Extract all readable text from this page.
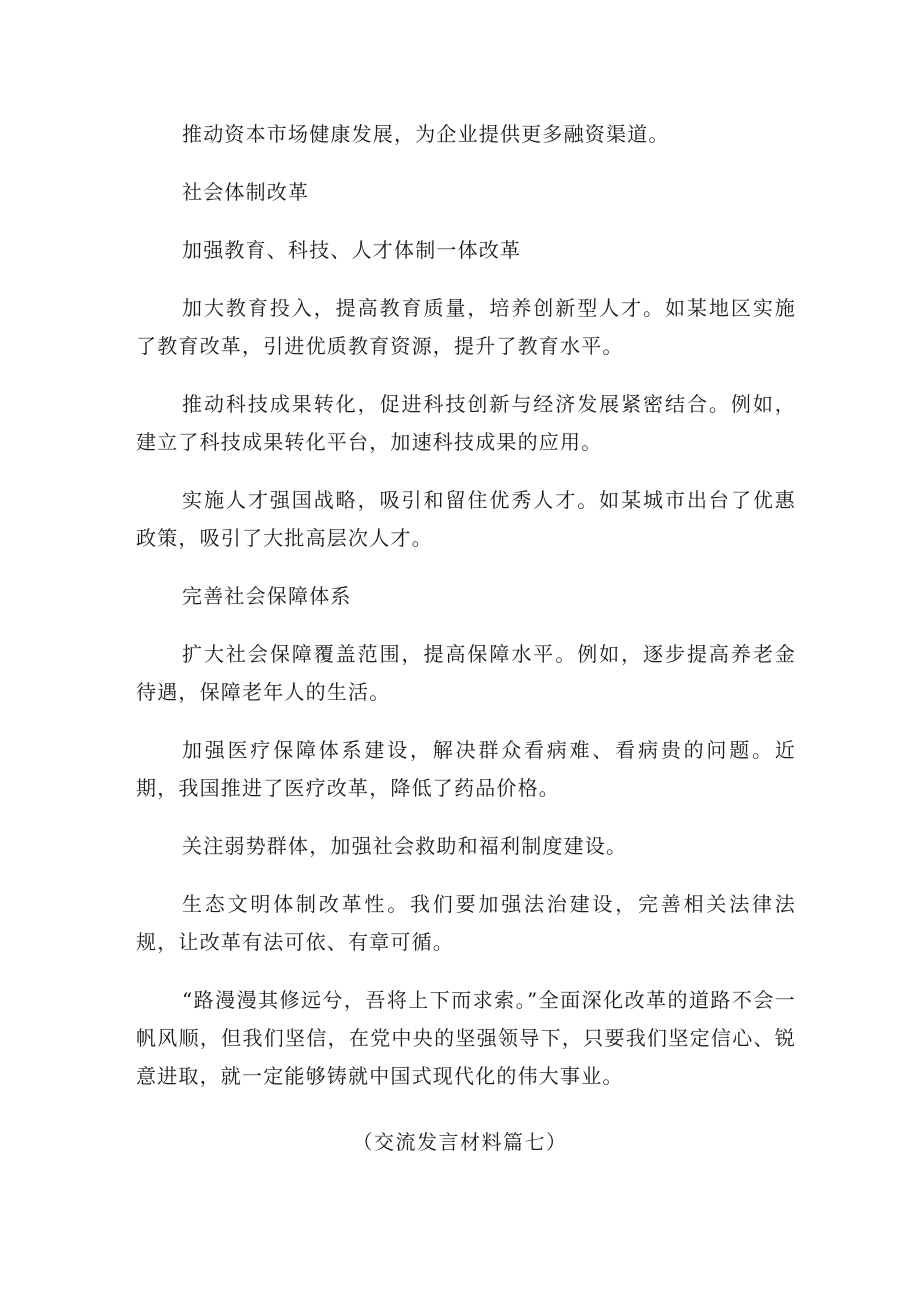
推动资本市场健康发展，为企业提供更多融资渠道。

社会体制改革

加强教育、科技、人才体制一体改革

加大教育投入，提高教育质量，培养创新型人才。如某地区实施了教育改革，引进优质教育资源，提升了教育水平。

推动科技成果转化，促进科技创新与经济发展紧密结合。例如，建立了科技成果转化平台，加速科技成果的应用。

实施人才强国战略，吸引和留住优秀人才。如某城市出台了优惠政策，吸引了大批高层次人才。

完善社会保障体系

扩大社会保障覆盖范围，提高保障水平。例如，逐步提高养老金待遇，保障老年人的生活。

加强医疗保障体系建设，解决群众看病难、看病贵的问题。近期，我国推进了医疗改革，降低了药品价格。

关注弱势群体，加强社会救助和福利制度建设。

生态文明体制改革性。我们要加强法治建设，完善相关法律法规，让改革有法可依、有章可循。

“路漫漫其修远兮，吾将上下而求索。”全面深化改革的道路不会一帆风顺，但我们坚信，在党中央的坚强领导下，只要我们坚定信心、锐意进取，就一定能够铸就中国式现代化的伟大事业。

（交流发言材料篇七）
